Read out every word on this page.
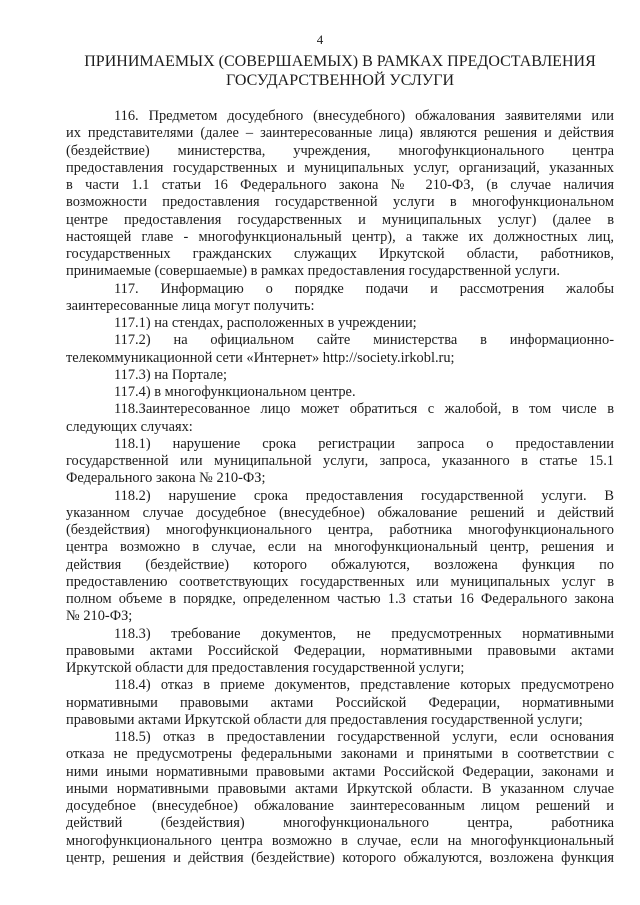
4
ПРИНИМАЕМЫХ (СОВЕРШАЕМЫХ) В РАМКАХ ПРЕДОСТАВЛЕНИЯ
ГОСУДАРСТВЕННОЙ УСЛУГИ
116. Предметом досудебного (внесудебного) обжалования заявителями или
их представителями (далее – заинтересованные лица) являются решения и действия
(бездействие) министерства, учреждения, многофункционального центра
предоставления государственных и муниципальных услуг, организаций, указанных
в части 1.1 статьи 16 Федерального закона № 210-ФЗ, (в случае наличия
возможности предоставления государственной услуги в многофункциональном
центре предоставления государственных и муниципальных услуг) (далее в
настоящей главе - многофункциональный центр), а также их должностных лиц,
государственных гражданских служащих Иркутской области, работников,
принимаемые (совершаемые) в рамках предоставления государственной услуги.
117. Информацию о порядке подачи и рассмотрения жалобы
заинтересованные лица могут получить:
117.1) на стендах, расположенных в учреждении;
117.2) на официальном сайте министерства в информационно-
телекоммуникационной сети «Интернет» http://society.irkobl.ru;
117.3) на Портале;
117.4) в многофункциональном центре.
118.Заинтересованное лицо может обратиться с жалобой, в том числе в
следующих случаях:
118.1) нарушение срока регистрации запроса о предоставлении
государственной или муниципальной услуги, запроса, указанного в статье 15.1
Федерального закона № 210-ФЗ;
118.2) нарушение срока предоставления государственной услуги. В
указанном случае досудебное (внесудебное) обжалование решений и действий
(бездействия) многофункционального центра, работника многофункционального
центра возможно в случае, если на многофункциональный центр, решения и
действия (бездействие) которого обжалуются, возложена функция по
предоставлению соответствующих государственных или муниципальных услуг в
полном объеме в порядке, определенном частью 1.3 статьи 16 Федерального закона
№ 210-ФЗ;
118.3) требование документов, не предусмотренных нормативными
правовыми актами Российской Федерации, нормативными правовыми актами
Иркутской области для предоставления государственной услуги;
118.4) отказ в приеме документов, представление которых предусмотрено
нормативными правовыми актами Российской Федерации, нормативными
правовыми актами Иркутской области для предоставления государственной услуги;
118.5) отказ в предоставлении государственной услуги, если основания
отказа не предусмотрены федеральными законами и принятыми в соответствии с
ними иными нормативными правовыми актами Российской Федерации, законами и
иными нормативными правовыми актами Иркутской области. В указанном случае
досудебное (внесудебное) обжалование заинтересованным лицом решений и
действий (бездействия) многофункционального центра, работника
многофункционального центра возможно в случае, если на многофункциональный
центр, решения и действия (бездействие) которого обжалуются, возложена функция
